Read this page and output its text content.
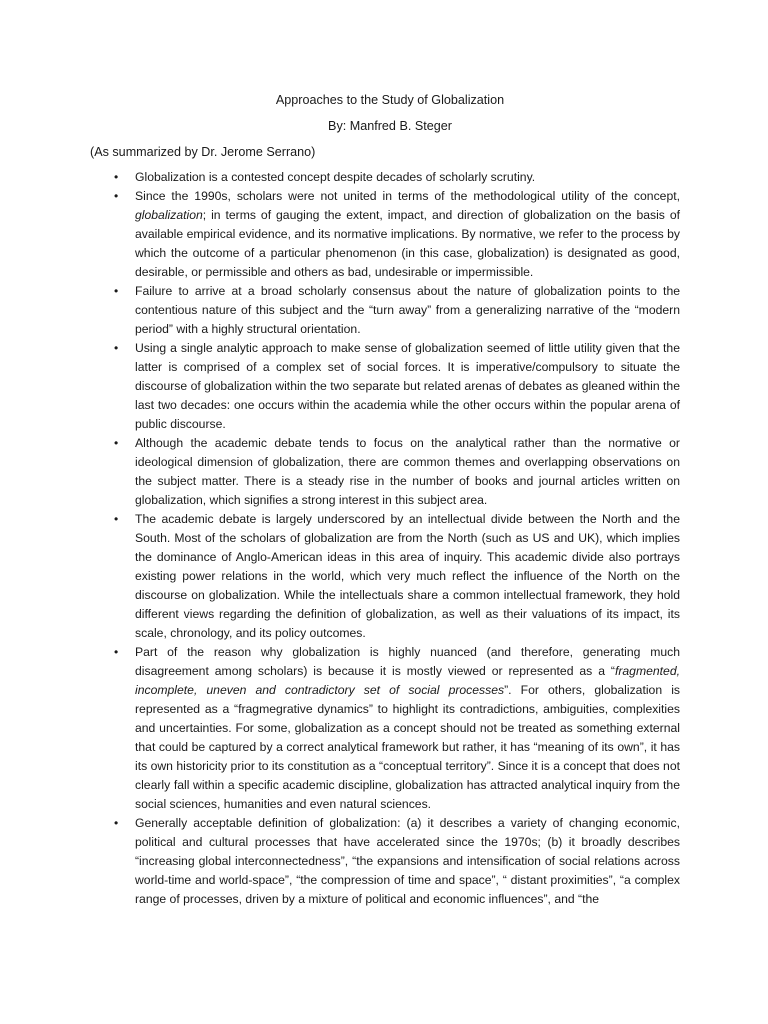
Approaches to the Study of Globalization

By: Manfred B. Steger

(As summarized by Dr. Jerome Serrano)

• Globalization is a contested concept despite decades of scholarly scrutiny.
• Since the 1990s, scholars were not united in terms of the methodological utility of the concept, globalization; in terms of gauging the extent, impact, and direction of globalization on the basis of available empirical evidence, and its normative implications. By normative, we refer to the process by which the outcome of a particular phenomenon (in this case, globalization) is designated as good, desirable, or permissible and others as bad, undesirable or impermissible.
• Failure to arrive at a broad scholarly consensus about the nature of globalization points to the contentious nature of this subject and the “turn away” from a generalizing narrative of the “modern period” with a highly structural orientation.
• Using a single analytic approach to make sense of globalization seemed of little utility given that the latter is comprised of a complex set of social forces. It is imperative/compulsory to situate the discourse of globalization within the two separate but related arenas of debates as gleaned within the last two decades: one occurs within the academia while the other occurs within the popular arena of public discourse.
• Although the academic debate tends to focus on the analytical rather than the normative or ideological dimension of globalization, there are common themes and overlapping observations on the subject matter. There is a steady rise in the number of books and journal articles written on globalization, which signifies a strong interest in this subject area.
• The academic debate is largely underscored by an intellectual divide between the North and the South. Most of the scholars of globalization are from the North (such as US and UK), which implies the dominance of Anglo-American ideas in this area of inquiry. This academic divide also portrays existing power relations in the world, which very much reflect the influence of the North on the discourse on globalization. While the intellectuals share a common intellectual framework, they hold different views regarding the definition of globalization, as well as their valuations of its impact, its scale, chronology, and its policy outcomes.
• Part of the reason why globalization is highly nuanced (and therefore, generating much disagreement among scholars) is because it is mostly viewed or represented as a “fragmented, incomplete, uneven and contradictory set of social processes”. For others, globalization is represented as a “fragmegrative dynamics” to highlight its contradictions, ambiguities, complexities and uncertainties. For some, globalization as a concept should not be treated as something external that could be captured by a correct analytical framework but rather, it has “meaning of its own”, it has its own historicity prior to its constitution as a “conceptual territory”. Since it is a concept that does not clearly fall within a specific academic discipline, globalization has attracted analytical inquiry from the social sciences, humanities and even natural sciences.
• Generally acceptable definition of globalization: (a) it describes a variety of changing economic, political and cultural processes that have accelerated since the 1970s; (b) it broadly describes “increasing global interconnectedness”, “the expansions and intensification of social relations across world-time and world-space”, “the compression of time and space”, “ distant proximities”, “a complex range of processes, driven by a mixture of political and economic influences”, and “the
